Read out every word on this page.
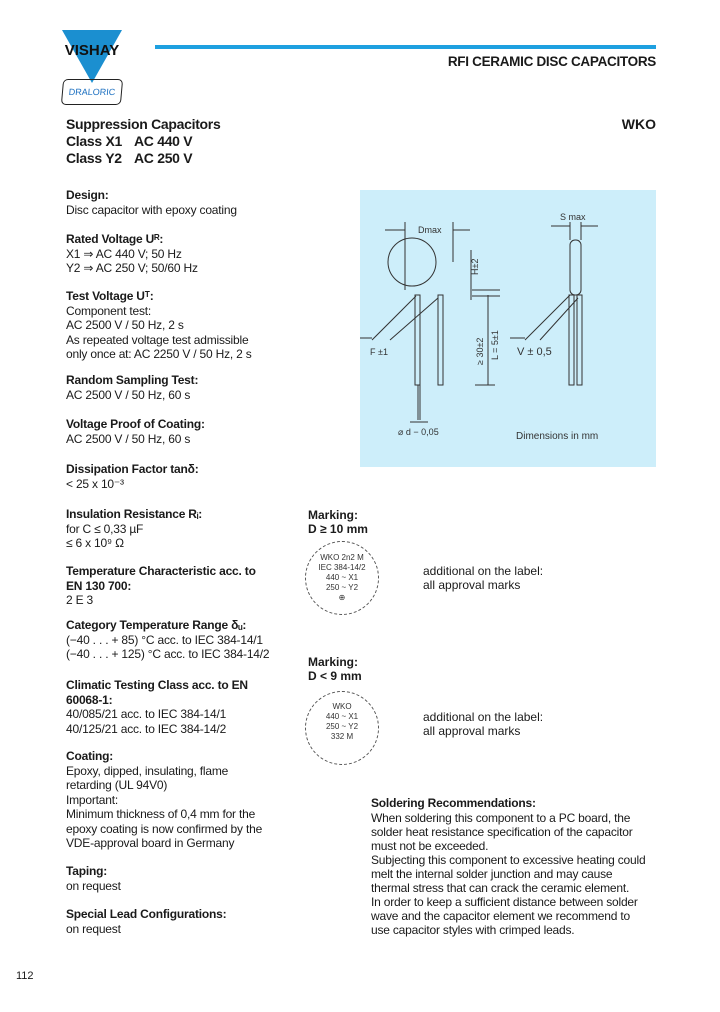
VISHAY
DRALORIC
RFI CERAMIC DISC CAPACITORS
Suppression Capacitors
Class X1 AC 440 V
Class Y2 AC 250 V
WKO
Design:
Disc capacitor with epoxy coating
Rated Voltage Uᴿ:
X1 ⇒ AC 440 V; 50 Hz
Y2 ⇒ AC 250 V; 50/60 Hz
Test Voltage Uᵀ:
Component test:
AC 2500 V / 50 Hz, 2 s
As repeated voltage test admissible
only once at: AC 2250 V / 50 Hz, 2 s
Random Sampling Test:
AC 2500 V / 50 Hz, 60 s
Voltage Proof of Coating:
AC 2500 V / 50 Hz, 60 s
Dissipation Factor tanδ:
< 25 x 10⁻³
Insulation Resistance Rᵢ:
for C ≤ 0,33 µF
≤ 6 x 10⁹ Ω
Temperature Characteristic acc. to EN 130 700:
2 E 3
Category Temperature Range δᵤ:
(−40 . . . + 85) °C acc. to IEC 384-14/1
(−40 . . . + 125) °C acc. to IEC 384-14/2
Climatic Testing Class acc. to EN 60068-1:
40/085/21 acc. to IEC 384-14/1
40/125/21 acc. to IEC 384-14/2
Coating:
Epoxy, dipped, insulating, flame
retarding (UL 94V0)
Important:
Minimum thickness of 0,4 mm for the
epoxy coating is now confirmed by the
VDE-approval board in Germany
Taping:
on request
Special Lead Configurations:
on request
Dmax
S max
H±2
≥ 30±2 L = 5±1
F ±1	V ± 0,5
⌀ d − 0,05	Dimensions in mm
Marking:
D ≥ 10 mm
WKO 2n2 M
IEC 384-14/2
440 ~ X1
250 ~ Y2
⊕
additional on the label:
all approval marks
Marking:
D < 9 mm
WKO
440 ~ X1
250 ~ Y2
332 M
additional on the label:
all approval marks
Soldering Recommendations:
When soldering this component to a PC board, the
solder heat resistance specification of the capacitor
must not be exceeded.
Subjecting this component to excessive heating could
melt the internal solder junction and may cause
thermal stress that can crack the ceramic element.
In order to keep a sufficient distance between solder
wave and the capacitor element we recommend to
use capacitor styles with crimped leads.
112
